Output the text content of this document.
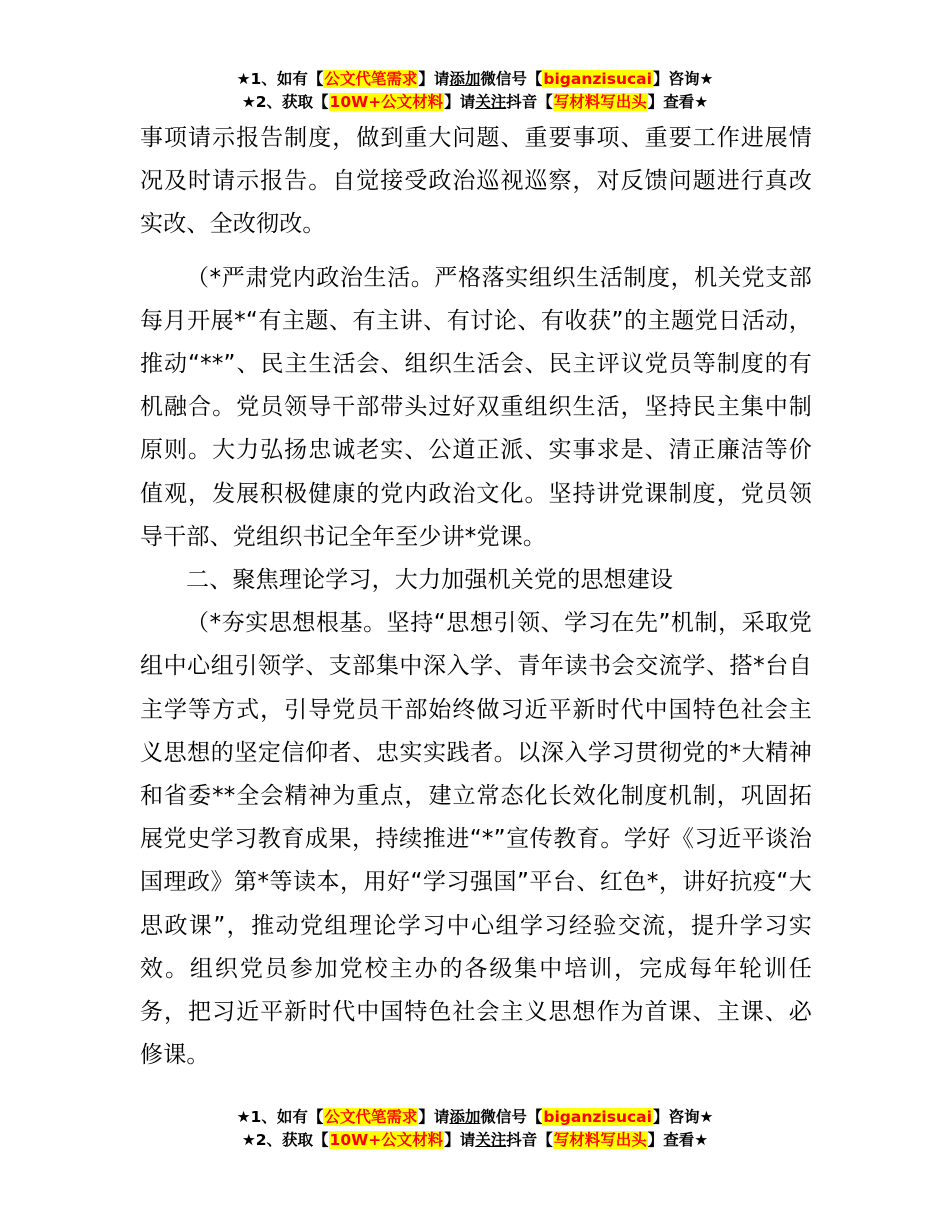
★1、如有【公文代笔需求】请添加微信号【biganzisucai】咨询★
★2、获取【10W+公文材料】请关注抖音【写材料写出头】查看★

事项请示报告制度，做到重大问题、重要事项、重要工作进展情况及时请示报告。自觉接受政治巡视巡察，对反馈问题进行真改实改、全改彻改。

（*严肃党内政治生活。严格落实组织生活制度，机关党支部每月开展*“有主题、有主讲、有讨论、有收获”的主题党日活动，推动“**”、民主生活会、组织生活会、民主评议党员等制度的有机融合。党员领导干部带头过好双重组织生活，坚持民主集中制原则。大力弘扬忠诚老实、公道正派、实事求是、清正廉洁等价值观，发展积极健康的党内政治文化。坚持讲党课制度，党员领导干部、党组织书记全年至少讲*党课。

二、聚焦理论学习，大力加强机关党的思想建设

（*夯实思想根基。坚持“思想引领、学习在先”机制，采取党组中心组引领学、支部集中深入学、青年读书会交流学、搭*台自主学等方式，引导党员干部始终做习近平新时代中国特色社会主义思想的坚定信仰者、忠实实践者。以深入学习贯彻党的*大精神和省委**全会精神为重点，建立常态化长效化制度机制，巩固拓展党史学习教育成果，持续推进“*”宣传教育。学好《习近平谈治国理政》第*等读本，用好“学习强国”平台、红色*，讲好抗疫“大思政课”，推动党组理论学习中心组学习经验交流，提升学习实效。组织党员参加党校主办的各级集中培训，完成每年轮训任务，把习近平新时代中国特色社会主义思想作为首课、主课、必修课。

★1、如有【公文代笔需求】请添加微信号【biganzisucai】咨询★
★2、获取【10W+公文材料】请关注抖音【写材料写出头】查看★
